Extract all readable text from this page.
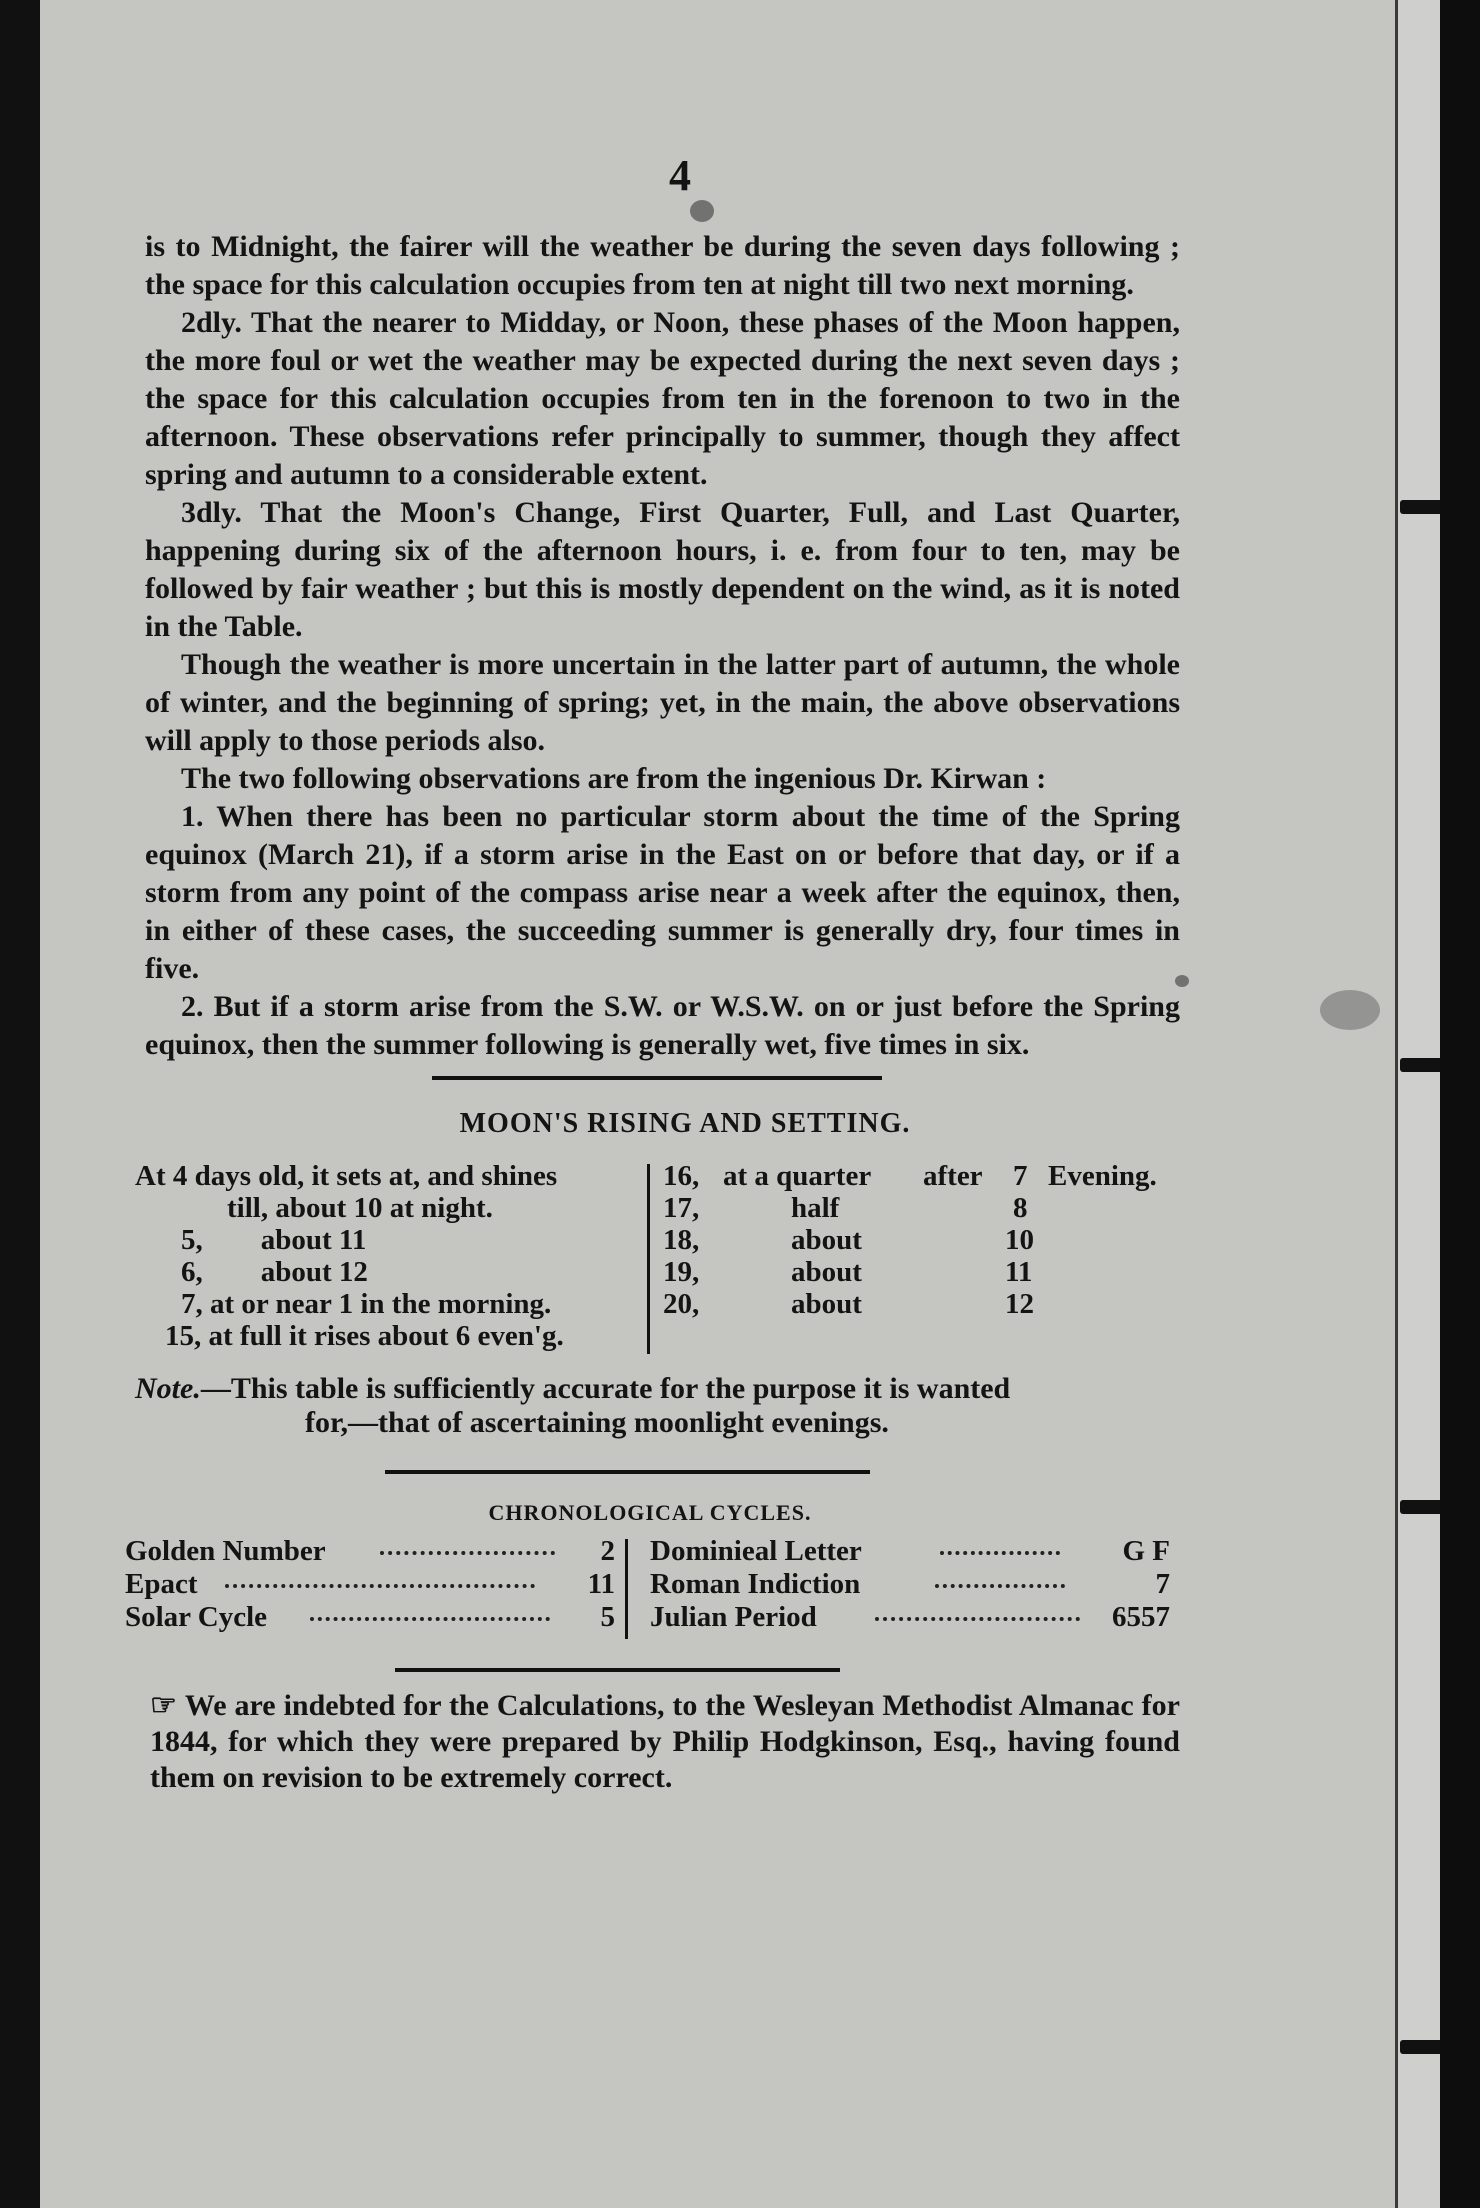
4

is to Midnight, the fairer will the weather be during the seven days following ; the space for this calculation occupies from ten at night till two next morning.

2dly. That the nearer to Midday, or Noon, these phases of the Moon happen, the more foul or wet the weather may be expected during the next seven days ; the space for this calculation occupies from ten in the forenoon to two in the afternoon. These observations refer principally to summer, though they affect spring and autumn to a considerable extent.

3dly. That the Moon's Change, First Quarter, Full, and Last Quarter, happening during six of the afternoon hours, i. e. from four to ten, may be followed by fair weather ; but this is mostly dependent on the wind, as it is noted in the Table.

Though the weather is more uncertain in the latter part of autumn, the whole of winter, and the beginning of spring; yet, in the main, the above observations will apply to those periods also.

The two following observations are from the ingenious Dr. Kirwan :

1. When there has been no particular storm about the time of the Spring equinox (March 21), if a storm arise in the East on or before that day, or if a storm from any point of the compass arise near a week after the equinox, then, in either of these cases, the succeeding summer is generally dry, four times in five.

2. But if a storm arise from the S.W. or W.S.W. on or just before the Spring equinox, then the summer following is generally wet, five times in six.

MOON'S RISING AND SETTING.
At 4 days old, it sets at, and shines
till, about 10 at night.
5,        about 11
6,        about 12
7, at or near 1 in the morning.
15, at full it rises about 6 even'g.
16, at a quarter after 7 Evening.
17,	half	8
18,	about	10
19,	about	11
20,	about	12

Note.—This table is sufficiently accurate for the purpose it is wanted
for,—that of ascertaining moonlight evenings.

CHRONOLOGICAL CYCLES.
Golden Number	2
Epact	11
Solar Cycle	5
Dominieal Letter	G F
Roman Indiction	7
Julian Period	6557

☞ We are indebted for the Calculations, to the Wesleyan Methodist Almanac for 1844, for which they were prepared by Philip Hodgkinson, Esq., having found them on revision to be extremely correct.
